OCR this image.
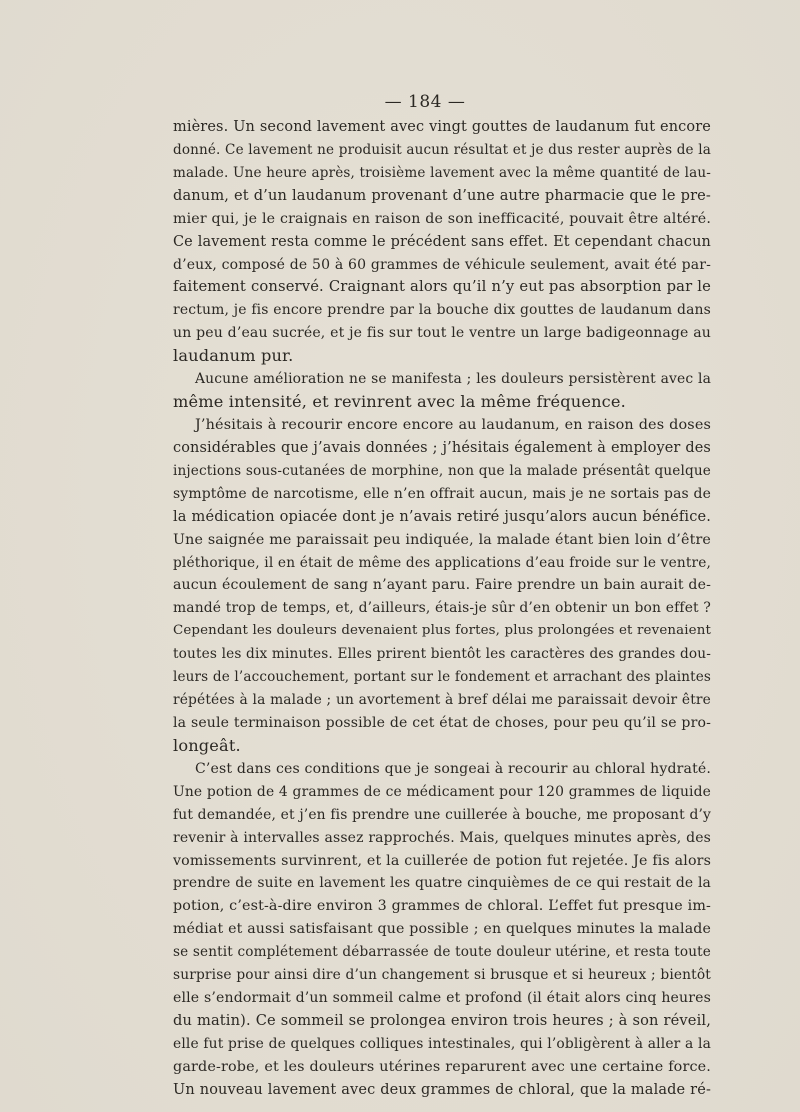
— 184 —
mières. Un second lavement avec vingt gouttes de laudanum fut encore
donné. Ce lavement ne produisit aucun résultat et je dus rester auprès de la
malade. Une heure après, troisième lavement avec la même quantité de lau-
danum, et d’un laudanum provenant d’une autre pharmacie que le pre-
mier qui, je le craignais en raison de son inefficacité, pouvait être altéré.
Ce lavement resta comme le précédent sans effet. Et cependant chacun
d’eux, composé de 50 à 60 grammes de véhicule seulement, avait été par-
faitement conservé. Craignant alors qu’il n’y eut pas absorption par le
rectum, je fis encore prendre par la bouche dix gouttes de laudanum dans
un peu d’eau sucrée, et je fis sur tout le ventre un large badigeonnage au
laudanum pur.
Aucune amélioration ne se manifesta ; les douleurs persistèrent avec la
même intensité, et revinrent avec la même fréquence.
J’hésitais à recourir encore encore au laudanum, en raison des doses
considérables que j’avais données ; j’hésitais également à employer des
injections sous-cutanées de morphine, non que la malade présentât quelque
symptôme de narcotisme, elle n’en offrait aucun, mais je ne sortais pas de
la médication opiacée dont je n’avais retiré jusqu’alors aucun bénéfice.
Une saignée me paraissait peu indiquée, la malade étant bien loin d’être
pléthorique, il en était de même des applications d’eau froide sur le ventre,
aucun écoulement de sang n’ayant paru. Faire prendre un bain aurait de-
mandé trop de temps, et, d’ailleurs, étais-je sûr d’en obtenir un bon effet ?
Cependant les douleurs devenaient plus fortes, plus prolongées et revenaient
toutes les dix minutes. Elles prirent bientôt les caractères des grandes dou-
leurs de l’accouchement, portant sur le fondement et arrachant des plaintes
répétées à la malade ; un avortement à bref délai me paraissait devoir être
la seule terminaison possible de cet état de choses, pour peu qu’il se pro-
longeât.
C’est dans ces conditions que je songeai à recourir au chloral hydraté.
Une potion de 4 grammes de ce médicament pour 120 grammes de liquide
fut demandée, et j’en fis prendre une cuillerée à bouche, me proposant d’y
revenir à intervalles assez rapprochés. Mais, quelques minutes après, des
vomissements survinrent, et la cuillerée de potion fut rejetée. Je fis alors
prendre de suite en lavement les quatre cinquièmes de ce qui restait de la
potion, c’est-à-dire environ 3 grammes de chloral. L’effet fut presque im-
médiat et aussi satisfaisant que possible ; en quelques minutes la malade
se sentit complétement débarrassée de toute douleur utérine, et resta toute
surprise pour ainsi dire d’un changement si brusque et si heureux ; bientôt
elle s’endormait d’un sommeil calme et profond (il était alors cinq heures
du matin). Ce sommeil se prolongea environ trois heures ; à son réveil,
elle fut prise de quelques colliques intestinales, qui l’obligèrent à aller a la
garde-robe, et les douleurs utérines reparurent avec une certaine force.
Un nouveau lavement avec deux grammes de chloral, que la malade ré-
